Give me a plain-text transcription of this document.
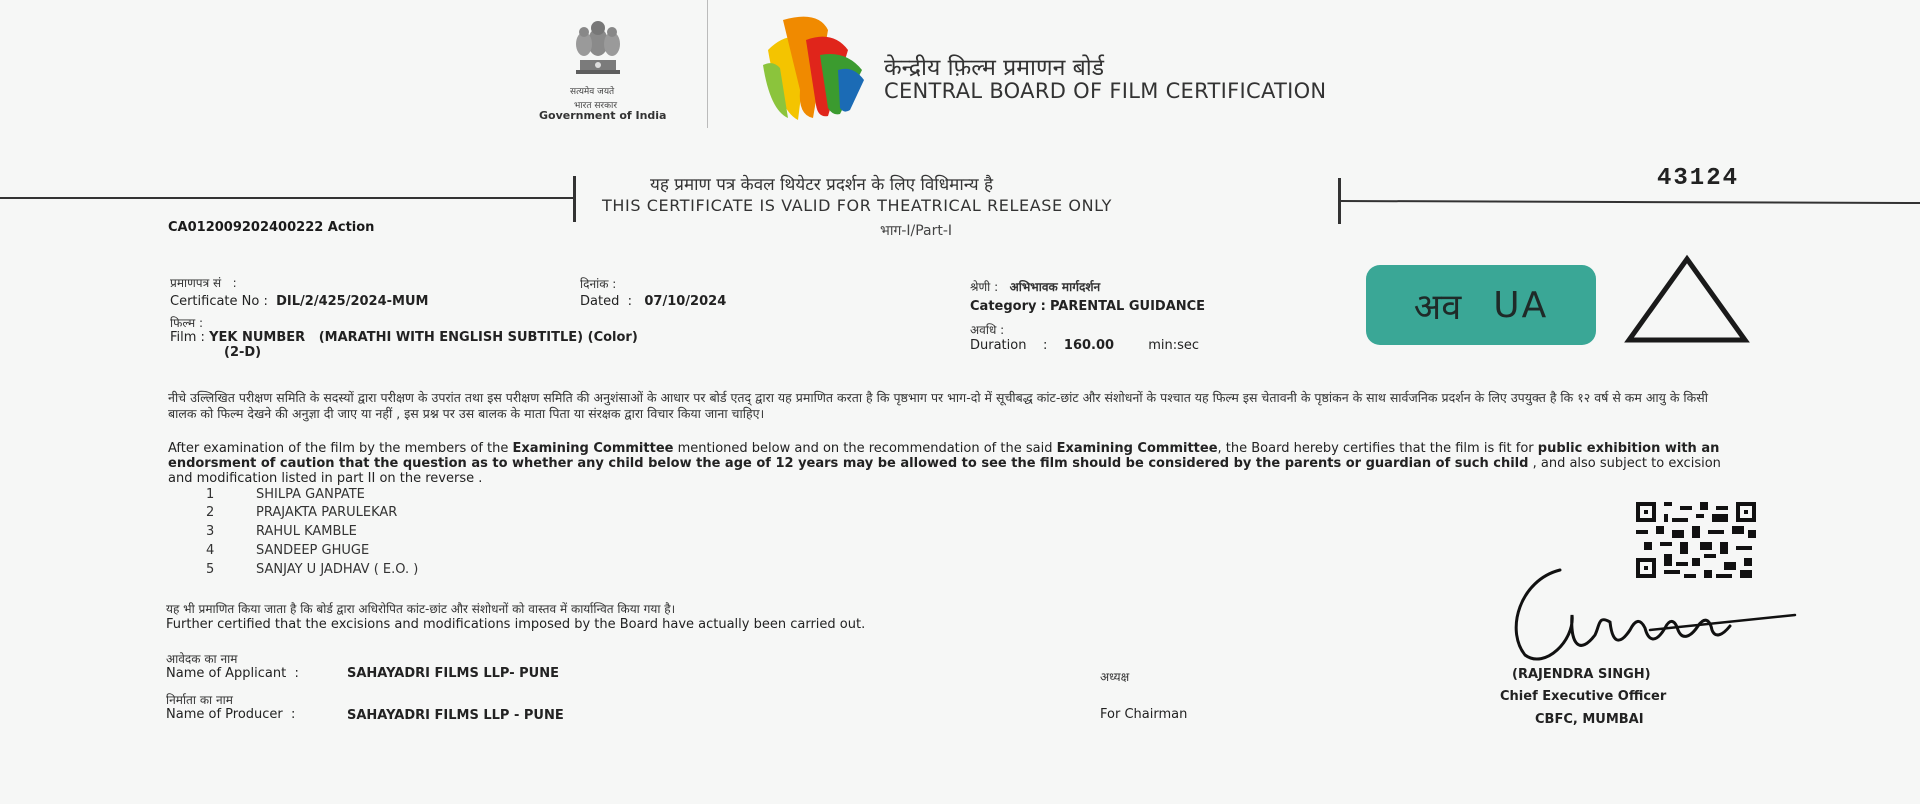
सत्यमेव जयते
भारत सरकार
Government of India
केन्द्रीय फ़िल्म प्रमाणन बोर्ड
CENTRAL BOARD OF FILM CERTIFICATION
यह प्रमाण पत्र केवल थियेटर प्रदर्शन के लिए विधिमान्य है
THIS CERTIFICATE IS VALID FOR THEATRICAL RELEASE ONLY
भाग-I/Part-I
43124
CA012009202400222 Action
प्रमाणपत्र सं :
Certificate No :  DIL/2/425/2024-MUM
दिनांक :
Dated  :   07/10/2024
श्रेणी :   अभिभावक मार्गदर्शन
Category : PARENTAL GUIDANCE
फिल्म :
Film : YEK NUMBER   (MARATHI WITH ENGLISH SUBTITLE) (Color)
(2-D)
अवधि :
Duration    :    160.00	min:sec
अव UA
नीचे उल्लिखित परीक्षण समिति के सदस्यों द्वारा परीक्षण के उपरांत तथा इस परीक्षण समिति की अनुशंसाओं के आधार पर बोर्ड एतद् द्वारा यह प्रमाणित करता है कि पृष्ठभाग पर भाग-दो में सूचीबद्ध कांट-छांट और संशोधनों के पश्चात यह फिल्म इस चेतावनी के पृष्ठांकन के साथ सार्वजनिक प्रदर्शन के लिए उपयुक्त है कि १२ वर्ष से कम आयु के किसी बालक को फिल्म देखने की अनुज्ञा दी जाए या नहीं , इस प्रश्न पर उस बालक के माता पिता या संरक्षक द्वारा विचार किया जाना चाहिए।
After examination of the film by the members of the Examining Committee mentioned below and on the recommendation of the said Examining Committee, the Board hereby certifies that the film is fit for public exhibition with an endorsment of caution that the question as to whether any child below the age of 12 years may be allowed to see the film should be considered by the parents or guardian of such child , and also subject to excision and modification listed in part II on the reverse .
1	SHILPA GANPATE
2	PRAJAKTA PARULEKAR
3	RAHUL KAMBLE
4	SANDEEP GHUGE
5	SANJAY U JADHAV ( E.O. )
यह भी प्रमाणित किया जाता है कि बोर्ड द्वारा अधिरोपित कांट-छांट और संशोधनों को वास्तव में कार्यान्वित किया गया है।
Further certified that the excisions and modifications imposed by the Board have actually been carried out.
आवेदक का नाम
Name of Applicant  :	SAHAYADRI FILMS LLP- PUNE
निर्माता का नाम
Name of Producer  :	SAHAYADRI FILMS LLP - PUNE
अध्यक्ष
For Chairman
(RAJENDRA SINGH)
Chief Executive Officer
CBFC, MUMBAI
